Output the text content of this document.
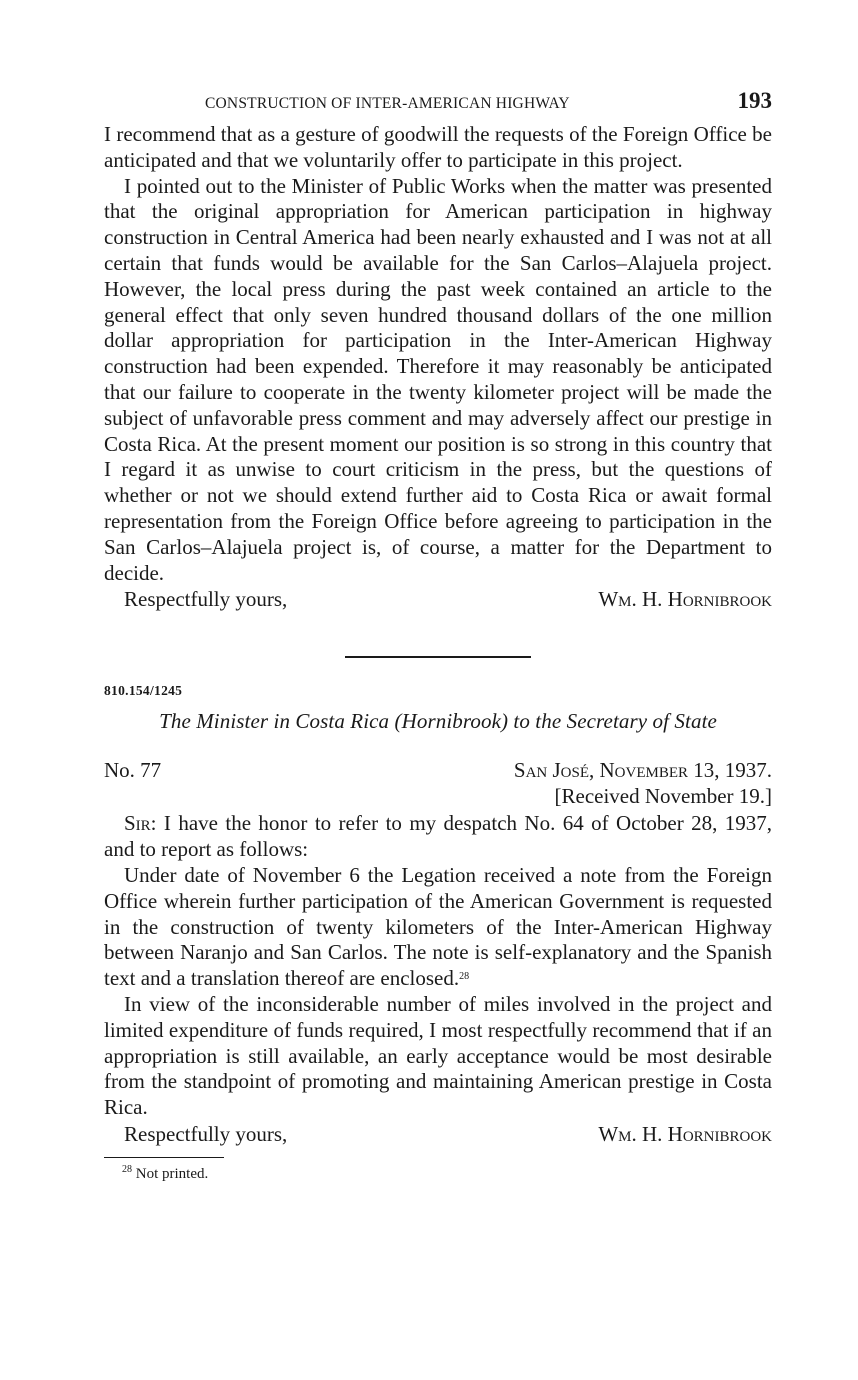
CONSTRUCTION OF INTER-AMERICAN HIGHWAY	193

I recommend that as a gesture of goodwill the requests of the Foreign Office be anticipated and that we voluntarily offer to participate in this project.

I pointed out to the Minister of Public Works when the matter was presented that the original appropriation for American participation in highway construction in Central America had been nearly exhausted and I was not at all certain that funds would be available for the San Carlos–Alajuela project. However, the local press during the past week contained an article to the general effect that only seven hundred thousand dollars of the one million dollar appropriation for participation in the Inter-American Highway construction had been expended. Therefore it may reasonably be anticipated that our failure to cooperate in the twenty kilometer project will be made the subject of unfavorable press comment and may adversely affect our prestige in Costa Rica. At the present moment our position is so strong in this country that I regard it as unwise to court criticism in the press, but the questions of whether or not we should extend further aid to Costa Rica or await formal representation from the Foreign Office before agreeing to participation in the San Carlos–Alajuela project is, of course, a matter for the Department to decide.

Respectfully yours,	Wm. H. Hornibrook
810.154/1245
The Minister in Costa Rica (Hornibrook) to the Secretary of State
No. 77	San José, November 13, 1937.
[Received November 19.]

Sir: I have the honor to refer to my despatch No. 64 of October 28, 1937, and to report as follows:

Under date of November 6 the Legation received a note from the Foreign Office wherein further participation of the American Government is requested in the construction of twenty kilometers of the Inter-American Highway between Naranjo and San Carlos. The note is self-explanatory and the Spanish text and a translation thereof are enclosed.$^{28}$

In view of the inconsiderable number of miles involved in the project and limited expenditure of funds required, I most respectfully recommend that if an appropriation is still available, an early acceptance would be most desirable from the standpoint of promoting and maintaining American prestige in Costa Rica.

Respectfully yours,	Wm. H. Hornibrook
$^{28}$ Not printed.
